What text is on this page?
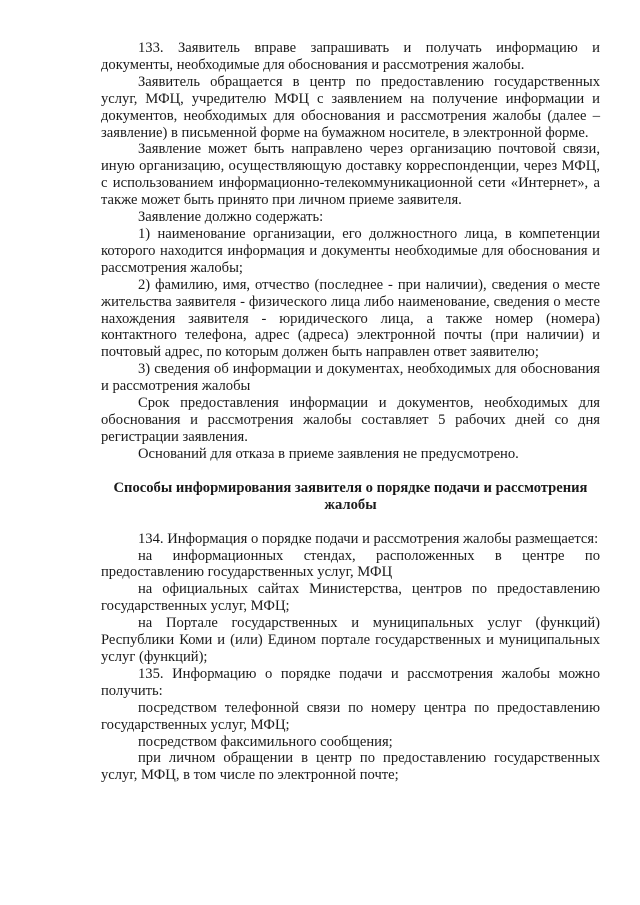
133. Заявитель вправе запрашивать и получать информацию и документы, необходимые для обоснования и рассмотрения жалобы.

Заявитель обращается в центр по предоставлению государственных услуг, МФЦ, учредителю МФЦ с заявлением на получение информации и документов, необходимых для обоснования и рассмотрения жалобы (далее – заявление) в письменной форме на бумажном носителе, в электронной форме.

Заявление может быть направлено через организацию почтовой связи, иную организацию, осуществляющую доставку корреспонденции, через МФЦ, с использованием информационно-телекоммуникационной сети «Интернет», а также может быть принято при личном приеме заявителя.

Заявление должно содержать:

1) наименование организации, его должностного лица, в компетенции которого находится информация и документы необходимые для обоснования и рассмотрения жалобы;

2) фамилию, имя, отчество (последнее - при наличии), сведения о месте жительства заявителя - физического лица либо наименование, сведения о месте нахождения заявителя - юридического лица, а также номер (номера) контактного телефона, адрес (адреса) электронной почты (при наличии) и почтовый адрес, по которым должен быть направлен ответ заявителю;

3) сведения об информации и документах, необходимых для обоснования и рассмотрения жалобы

Срок предоставления информации и документов, необходимых для обоснования и рассмотрения жалобы составляет 5 рабочих дней со дня регистрации заявления.

Оснований для отказа в приеме заявления не предусмотрено.

Способы информирования заявителя о порядке подачи и рассмотрения жалобы

134. Информация о порядке подачи и рассмотрения жалобы размещается:

на информационных стендах, расположенных в центре по предоставлению государственных услуг, МФЦ

на официальных сайтах Министерства, центров по предоставлению государственных услуг, МФЦ;

на Портале государственных и муниципальных услуг (функций) Республики Коми и (или) Едином портале государственных и муниципальных услуг (функций);

135. Информацию о порядке подачи и рассмотрения жалобы можно получить:

посредством телефонной связи по номеру центра по предоставлению государственных услуг, МФЦ;

посредством факсимильного сообщения;

при личном обращении в центр по предоставлению государственных услуг, МФЦ, в том числе по электронной почте;
